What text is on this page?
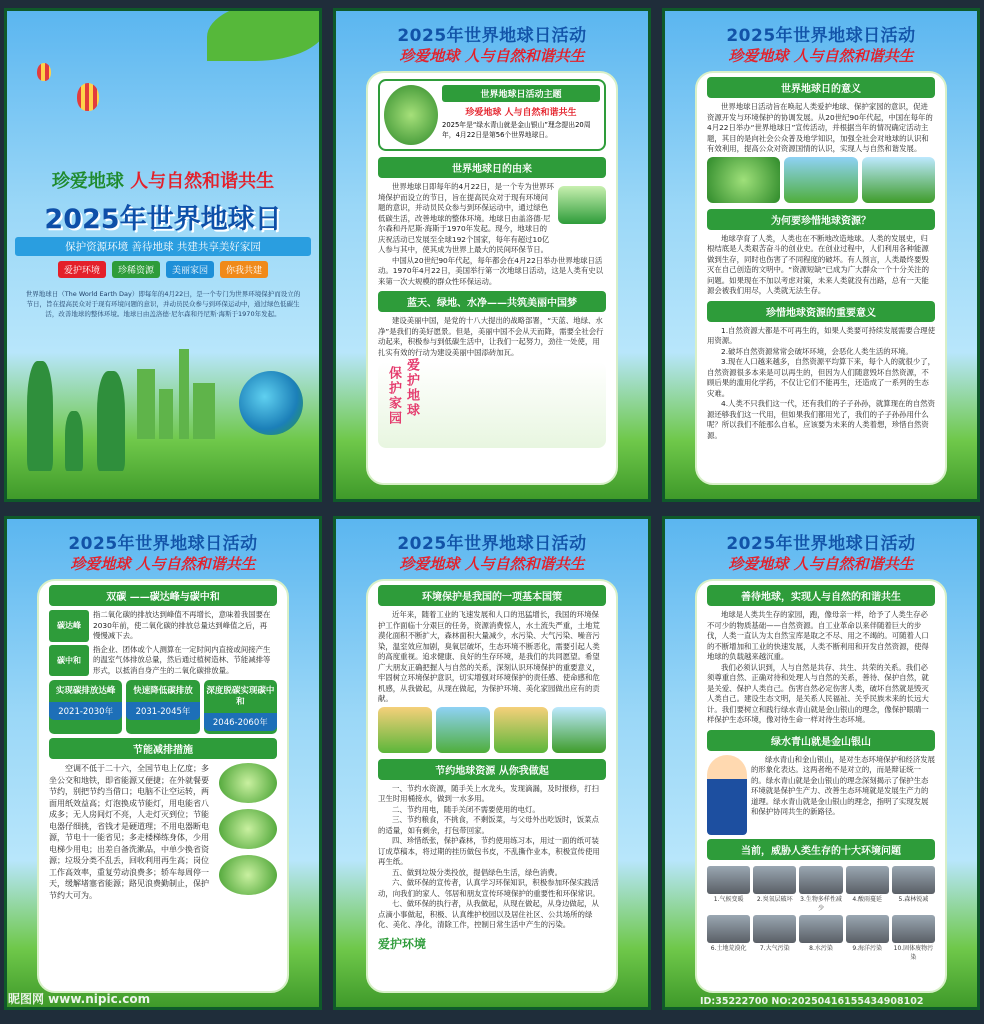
珍爱地球 人与自然和谐共生
2025年世界地球日
保护资源环境 善待地球 共建共享美好家园
爱护环境	珍稀资源	美丽家园	你我共建
世界地球日（The World Earth Day）即每年的4月22日，是一个专门为世界环境保护而设立的节日，旨在提高民众对于现有环境问题的意识，并动员民众参与到环保运动中，通过绿色低碳生活，改善地球的整体环境。地球日由盖洛德·尼尔森和丹尼斯·海斯于1970年发起。
2025年世界地球日活动
珍爱地球 人与自然和谐共生
世界地球日活动主题
珍爱地球 人与自然和谐共生
2025年是“绿水青山就是金山银山”理念提出20周年，4月22日是第56个世界地球日。
世界地球日的由来
世界地球日即每年的4月22日，是一个专为世界环境保护而设立的节日，旨在提高民众对于现有环境问题的意识，并动员民众参与到环保运动中，通过绿色低碳生活，改善地球的整体环境。地球日由盖洛德·尼尔森和丹尼斯·海斯于1970年发起。现今，地球日的庆祝活动已发展至全球192个国家，每年有超过10亿人参与其中，使其成为世界上最大的民间环保节日。
中国从20世纪90年代起，每年都会在4月22日举办世界地球日活动。1970年4月22日，美国举行第一次地球日活动，这是人类有史以来第一次大规模的群众性环保运动。
蓝天、绿地、水净——共筑美丽中国梦
建设美丽中国，是党的十八大提出的战略部署，“天蓝、地绿、水净”是我们的美好愿景。但是，美丽中国不会从天而降，需要全社会行动起来，积极参与到低碳生活中，让我们一起努力，劲往一处使，用扎实有效的行动为建设美丽中国添砖加瓦。
保护家园 爱护地球
2025年世界地球日活动
珍爱地球 人与自然和谐共生
世界地球日的意义
世界地球日活动旨在唤起人类爱护地球、保护家园的意识，促进资源开发与环境保护的协调发展。从20世纪90年代起，中国在每年的4月22日举办“世界地球日”宣传活动，并根据当年的情况确定活动主题，其目的是向社会公众普及地学知识，加强全社会对地球的认识和有效利用，提高公众对资源国情的认识，实现人与自然和谐发展。
为何要珍惜地球资源？
地球孕育了人类，人类也在不断地改造地球。人类的发展史，归根结底是人类艰苦奋斗的创业史。在创业过程中，人们利用各种能源做到生存，同时也伤害了不同程度的破坏。有人预言，人类最终要毁灭在自己创造的文明中。“资源短缺”已成为广大群众一个十分关注的问题。如果现在不加以考虑对策，未来人类就没有出路，总有一天能源会被我们用尽，人类就无法生存。
珍惜地球资源的重要意义
1.自然资源大都是不可再生的，如果人类要可持续发展需要合理使用资源。
2.破坏自然资源常常会破坏环境，会恶化人类生活的环境。
3.现在人口越来越多，自然资源平均算下来，每个人的就很少了，自然资源很多本来是可以再生的，但因为人们随意毁坏自然资源，不顾后果的滥用化学药，不仅让它们不能再生，还造成了一系列的生态灾难。
4.人类不只我们这一代，还有我们的子子孙孙，就算现在的自然资源还够我们这一代用，但如果我们都用光了，我们的子子孙孙用什么呢？所以我们不能那么自私，应该要为未来的人类着想，珍惜自然资源。
2025年世界地球日活动
珍爱地球 人与自然和谐共生
双碳 ——碳达峰与碳中和
碳达峰
指二氧化碳的排放达到峰值不再增长，意味着我国要在2030年前，使二氧化碳的排放总量达到峰值之后，再慢慢减下去。
碳中和
指企业、团体或个人测算在一定时间内直接或间接产生的温室气体排放总量，然后通过植树造林、节能减排等形式，以抵消自身产生的二氧化碳排放量。
实现碳排放达峰
2021-2030年
快速降低碳排放
2031-2045年
深度脱碳实现碳中和
2046-2060年
节能减排措施
空调不低于二十六，全国节电上亿度；多坐公交和地铁，即省能源又便捷；在外就餐要节约，别把节约当借口；电脑不让空运转，两面用纸效益高；灯泡换成节能灯，用电能省八成多；无人房间灯不亮，人走灯灭到位；节能电器仔细挑，省钱才是硬道理；不用电器断电源，节电十一能省见；多走楼梯练身体，少用电梯少用电；出差自备洗漱品，中单少换省资源；垃圾分类不乱丢，回收利用再生高；岗位工作高效率，重复劳动浪费多；轿车每周停一天，缓解堵塞省能源；路见浪费勤制止，保护节约大可为。
2025年世界地球日活动
珍爱地球 人与自然和谐共生
环境保护是我国的一项基本国策
近年来，随着工业的飞速发展和人口的迅猛增长，我国的环境保护工作面临十分艰巨的任务，资源消费惊人，水土流失严重，土地荒漠化面积不断扩大，森林面积大量减少，水污染、大气污染、噪音污染，温室效应加剧，臭氧层破坏，生态环境不断恶化，需要引起人类的高度重视。追求健康、良好的生存环境，是我们的共同愿望。希望广大朋友正确把握人与自然的关系，深刻认识环境保护的重要意义，牢固树立环境保护意识，切实增强对环境保护的责任感、使命感和危机感，从我做起，从现在做起，为保护环境、美化家园做出应有的贡献。
节约地球资源 从你我做起
一、节约水资源，随手关上水龙头，发现滴漏，及时报修，打扫卫生时用桶接水，做到一水多用。
二、节约用电，随手关闭不需要使用的电灯。
三、节约粮食，不挑食，不剩饭菜，与父母外出吃饭时，饭菜点的适量，如有剩余，打包带回家。
四、珍惜纸张，保护森林，节约使用练习本，用过一面的纸可装订成草稿本，将过期的挂历做包书皮，不乱撕作业本，积极宣传使用再生纸。
五、做到垃圾分类投放，提倡绿色生活，绿色消费。
六、做环保的宣传者，认真学习环保知识，积极参加环保实践活动，向我们的家人、邻居和朋友宣传环境保护的重要性和环保常识。
七、做环保的执行者，从我做起，从现在做起，从身边做起，从点滴小事做起，积极、认真维护校园以及居住社区、公共场所的绿化、美化、净化，清除工作，控制日常生活中产生的污染。
爱护环境
2025年世界地球日活动
珍爱地球 人与自然和谐共生
善待地球，实现人与自然的和谐共生
地球是人类共生存的家园，跑，像母亲一样，给予了人类生存必不可少的物质基础——自然资源。自工业革命以来伴随着巨大的步伐，人类一直认为太自然宝库是取之不尽、用之不竭的。可随着人口的不断增加和工业的快速发展，人类不断利用和开发自然资源，使得地球的负载越来越沉重。
我们必须认识到，人与自然是共存、共生、共荣的关系。我们必须尊重自然、正确对待和处理人与自然的关系，善待、保护自然，就是关爱、保护人类自己。伤害自然必定伤害人类，破坏自然就是毁灭人类自己。建设生态文明，是关系人民福祉、关乎民族未来的长远大计。我们要树立和践行绿水青山就是金山银山的理念，像保护眼睛一样保护生态环境，像对待生命一样对待生态环境。
绿水青山就是金山银山
绿水青山和金山银山，是对生态环境保护和经济发展的形象化表达。这两者绝不是对立的，而是辩证统一的。绿水青山就是金山银山的理念深刻揭示了保护生态环境就是保护生产力、改善生态环境就是发展生产力的道理。绿水青山就是金山银山的理念，指明了实现发展和保护协同共生的新路径。
当前，威胁人类生存的十大环境问题
1.气候变暖	2.臭氧层破坏	3.生物多样性减少
4.酸雨蔓延	5.森林锐减
6.土地荒漠化	7.大气污染	8.水污染	9.海洋污染	10.固体废物污染
昵图网 www.nipic.com	ID:35222700 NO:20250416155434908102
